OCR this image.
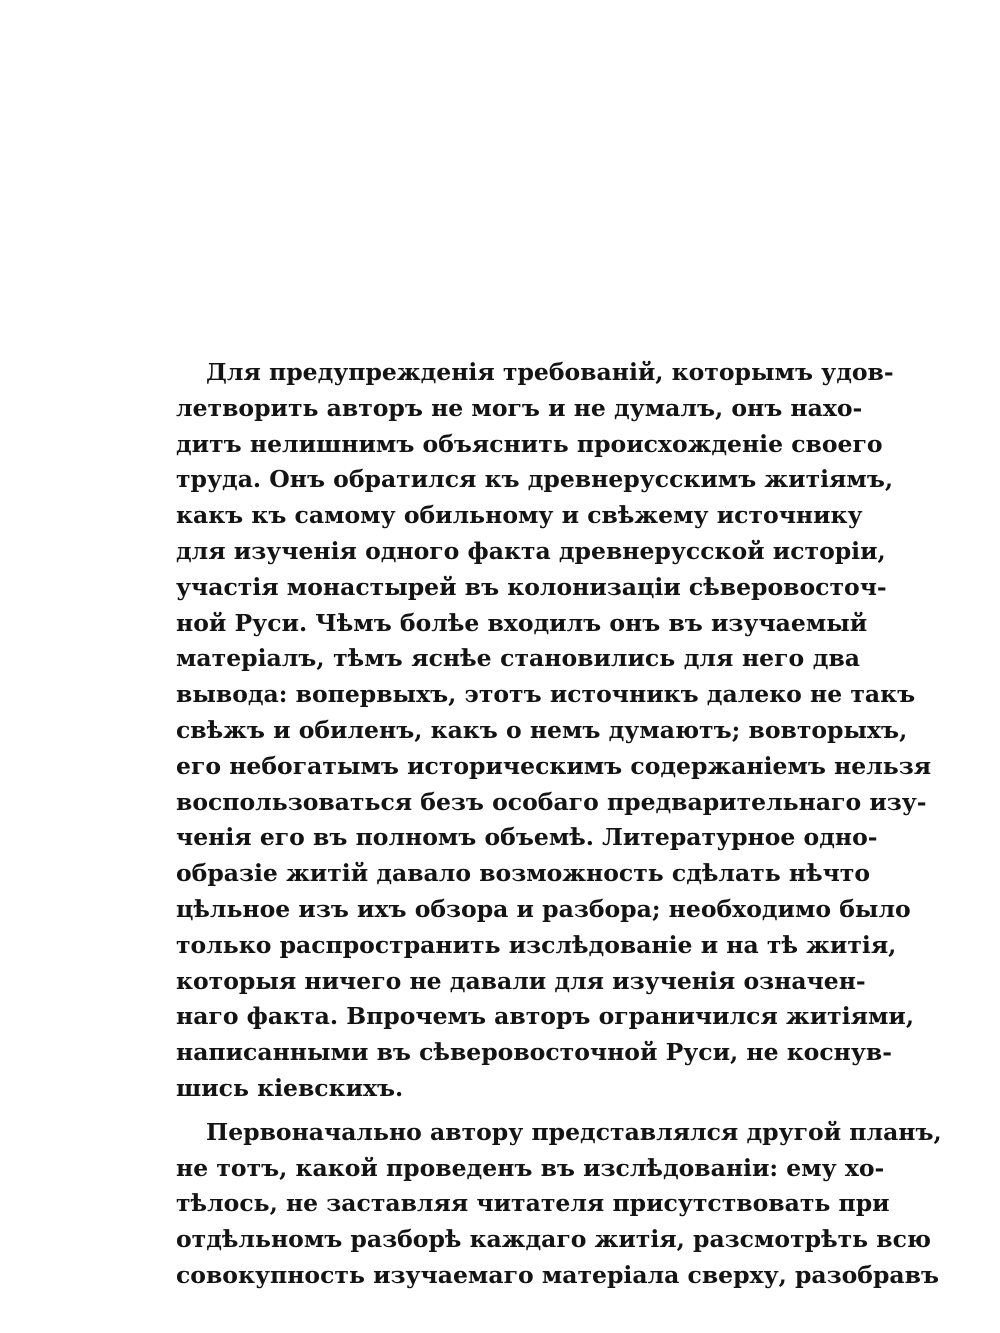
Для предупрежденія требованій, которымъ удов-
летворить авторъ не могъ и не думалъ, онъ нахо-
дитъ нелишнимъ объяснить происхожденіе своего
труда. Онъ обратился къ древнерусскимъ житіямъ,
какъ къ самому обильному и свѣжему источнику
для изученія одного факта древнерусской исторіи,
участія монастырей въ колонизаціи сѣверовосточ-
ной Руси. Чѣмъ болѣе входилъ онъ въ изучаемый
матеріалъ, тѣмъ яснѣе становились для него два
вывода: вопервыхъ, этотъ источникъ далеко не такъ
свѣжъ и обиленъ, какъ о немъ думаютъ; вовторыхъ,
его небогатымъ историческимъ содержаніемъ нельзя
воспользоваться безъ особаго предварительнаго изу-
ченія его въ полномъ объемѣ. Литературное одно-
образіе житій давало возможность сдѣлать нѣчто
цѣльное изъ ихъ обзора и разбора; необходимо было
только распространить изслѣдованіе и на тѣ житія,
которыя ничего не давали для изученія означен-
наго факта. Впрочемъ авторъ ограничился житіями,
написанными въ сѣверовосточной Руси, не коснув-
шись кіевскихъ.
Первоначально автору представлялся другой планъ,
не тотъ, какой проведенъ въ изслѣдованіи: ему хо-
тѣлось, не заставляя читателя присутствовать при
отдѣльномъ разборѣ каждаго житія, разсмотрѣть всю
совокупность изучаемаго матеріала сверху, разобравъ
